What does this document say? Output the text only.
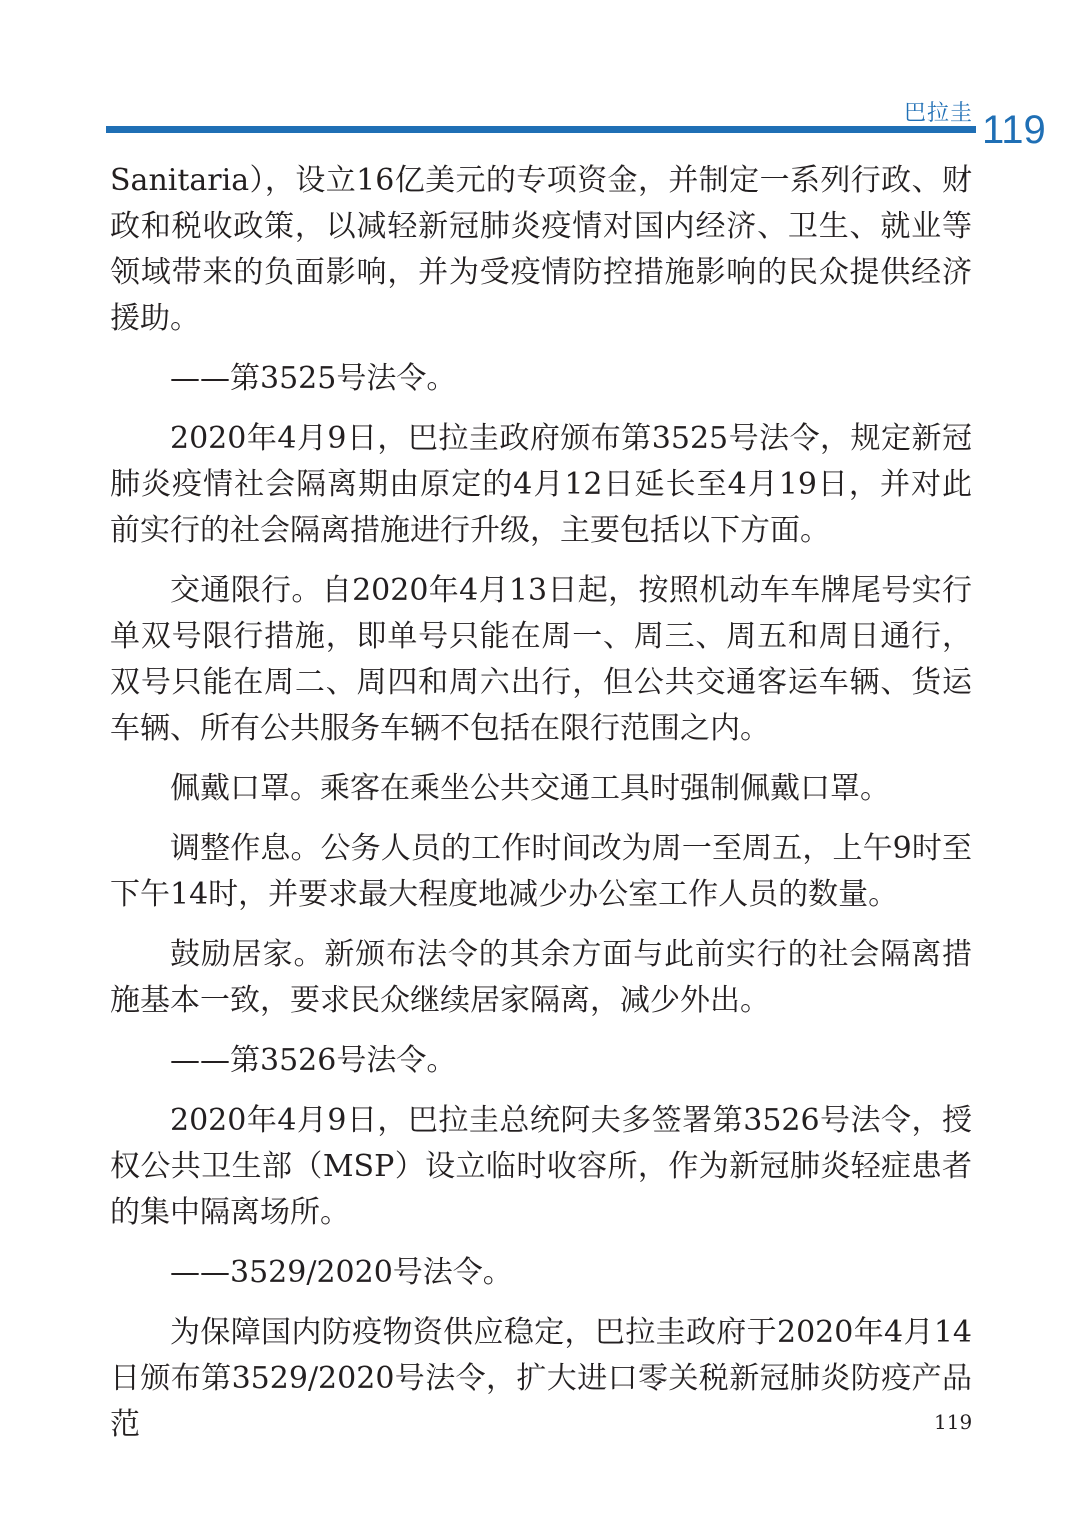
巴拉圭 119

Sanitaria），设立16亿美元的专项资金，并制定一系列行政、财政和税收政策，以减轻新冠肺炎疫情对国内经济、卫生、就业等领域带来的负面影响，并为受疫情防控措施影响的民众提供经济援助。

——第3525号法令。

2020年4月9日，巴拉圭政府颁布第3525号法令，规定新冠肺炎疫情社会隔离期由原定的4月12日延长至4月19日，并对此前实行的社会隔离措施进行升级，主要包括以下方面。

交通限行。自2020年4月13日起，按照机动车车牌尾号实行单双号限行措施，即单号只能在周一、周三、周五和周日通行，双号只能在周二、周四和周六出行，但公共交通客运车辆、货运车辆、所有公共服务车辆不包括在限行范围之内。

佩戴口罩。乘客在乘坐公共交通工具时强制佩戴口罩。

调整作息。公务人员的工作时间改为周一至周五，上午9时至下午14时，并要求最大程度地减少办公室工作人员的数量。

鼓励居家。新颁布法令的其余方面与此前实行的社会隔离措施基本一致，要求民众继续居家隔离，减少外出。

——第3526号法令。

2020年4月9日，巴拉圭总统阿夫多签署第3526号法令，授权公共卫生部（MSP）设立临时收容所，作为新冠肺炎轻症患者的集中隔离场所。

——3529/2020号法令。

为保障国内防疫物资供应稳定，巴拉圭政府于2020年4月14日颁布第3529/2020号法令，扩大进口零关税新冠肺炎防疫产品范	119
